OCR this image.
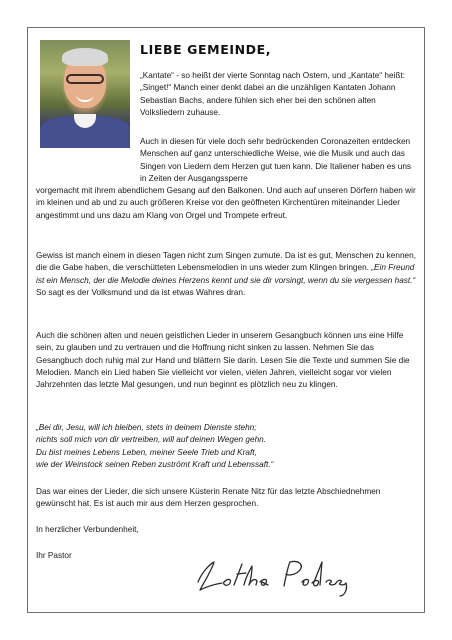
LIEBE GEMEINDE,
„Kantate“ - so heißt der vierte Sonntag nach Ostern, und „Kantate“ heißt: „Singet!“ Manch einer denkt dabei an die unzähligen Kantaten Johann Sebastian Bachs, andere fühlen sich eher bei den schönen alten Volksliedern zuhause.
Auch in diesen für viele doch sehr bedrückenden Coronazeiten entdecken Menschen auf ganz unterschiedliche Weise, wie die Musik und auch das Singen von Liedern dem Herzen gut tuen kann. Die Italiener haben es uns in Zeiten der Ausgangssperre
vorgemacht mit ihrem abendlichem Gesang auf den Balkonen. Und auch auf unseren Dörfern haben wir im kleinen und ab und zu auch größeren Kreise vor den geöffneten Kirchentüren miteinander Lieder angestimmt und uns dazu am Klang von Orgel und Trompete erfreut.
Gewiss ist manch einem in diesen Tagen nicht zum Singen zumute. Da ist es gut, Menschen zu kennen, die die Gabe haben, die verschütteten Lebensmelodien in uns wieder zum Klingen bringen. „Ein Freund ist ein Mensch, der die Melodie deines Herzens kennt und sie dir vorsingt, wenn du sie vergessen hast.“ So sagt es der Volksmund und da ist etwas Wahres dran.
Auch die schönen alten und neuen geistlichen Lieder in unserem Gesangbuch können uns eine Hilfe sein, zu glauben und zu vertrauen und die Hoffnung nicht sinken zu lassen. Nehmen Sie das Gesangbuch doch ruhig mal zur Hand und blättern Sie darin. Lesen Sie die Texte und summen Sie die Melodien. Manch ein Lied haben Sie vielleicht vor vielen, vielen Jahren, vielleicht sogar vor vielen Jahrzehnten das letzte Mal gesungen, und nun beginnt es plötzlich neu zu klingen.

„Bei dir, Jesu, will ich bleiben, stets in deinem Dienste stehn;

nichts soll mich von dir vertreiben, will auf deinen Wegen gehn.

Du bist meines Lebens Leben, meiner Seele Trieb und Kraft,

wie der Weinstock seinen Reben zuströmt Kraft und Lebenssaft.“

Das war eines der Lieder, die sich unsere Küsterin Renate Nitz für das letzte Abschiednehmen gewünscht hat. Es ist auch mir aus dem Herzen gesprochen.
In herzlicher Verbundenheit,
Ihr Pastor
